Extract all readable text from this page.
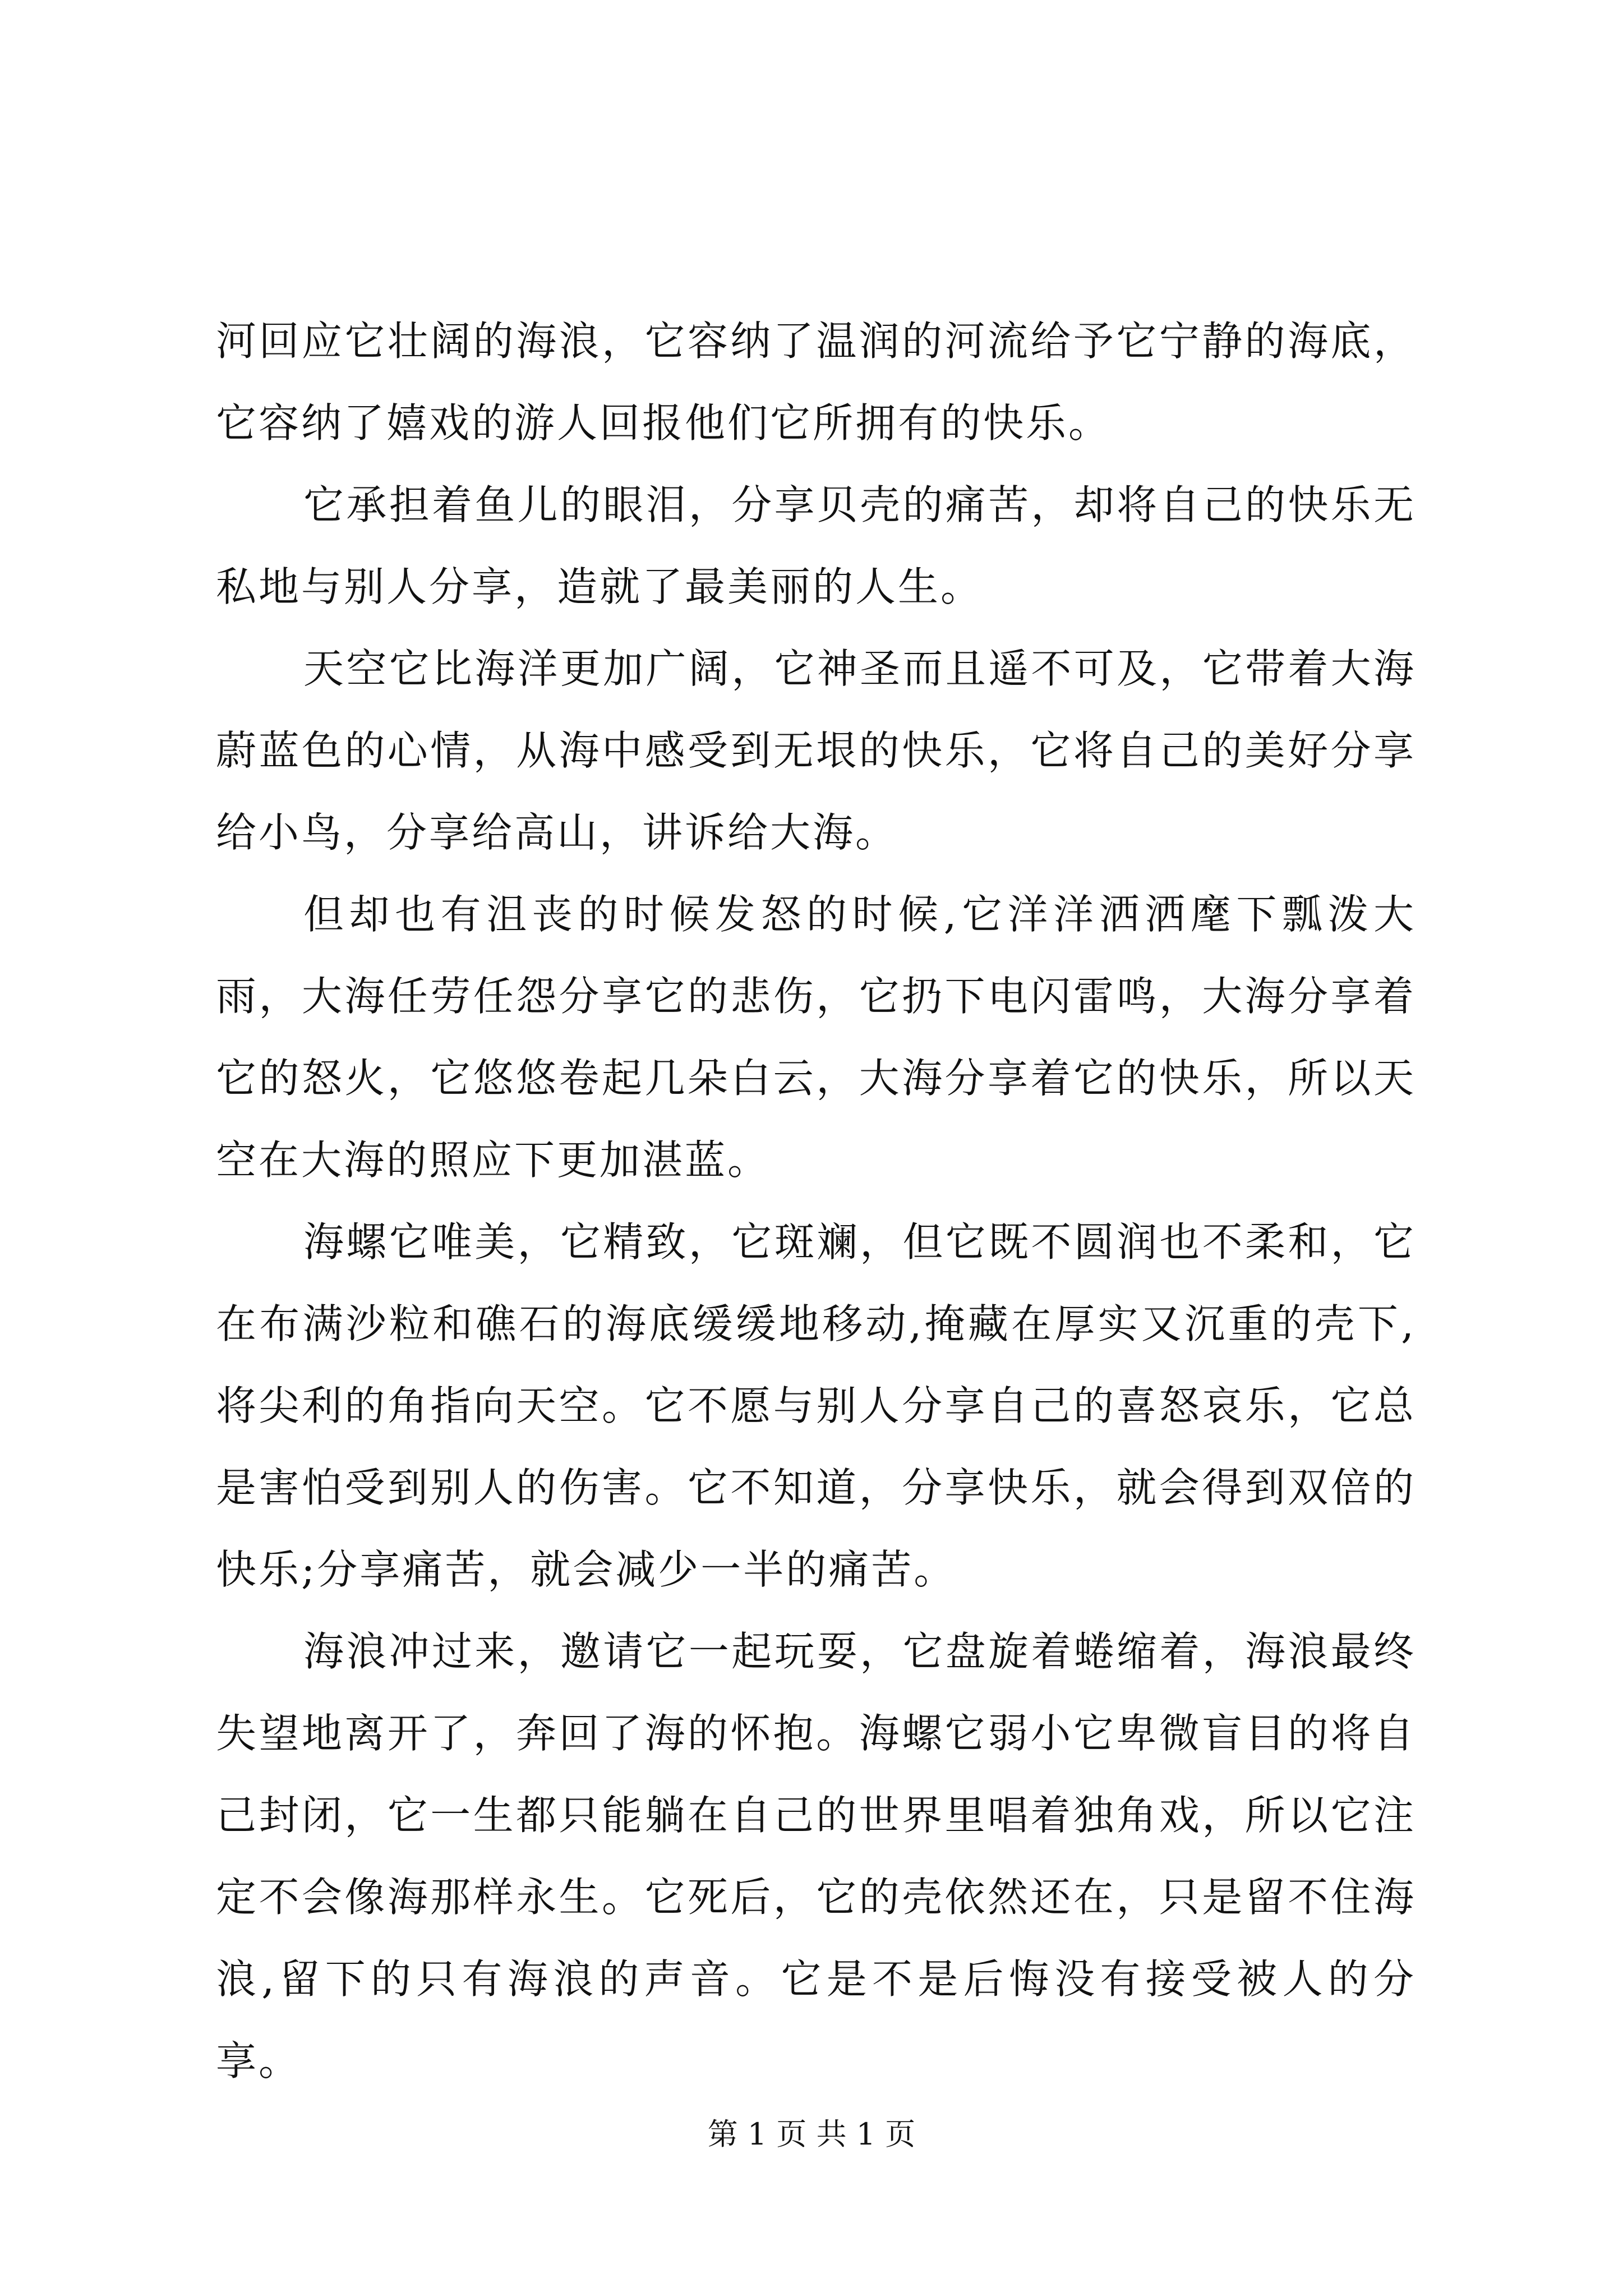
河回应它壮阔的海浪，它容纳了温润的河流给予它宁静的海底，它容纳了嬉戏的游人回报他们它所拥有的快乐。

它承担着鱼儿的眼泪，分享贝壳的痛苦，却将自己的快乐无私地与别人分享，造就了最美丽的人生。

天空它比海洋更加广阔，它神圣而且遥不可及，它带着大海蔚蓝色的心情，从海中感受到无垠的快乐，它将自己的美好分享给小鸟，分享给高山，讲诉给大海。

但却也有沮丧的时候发怒的时候,它洋洋洒洒麾下瓢泼大雨，大海任劳任怨分享它的悲伤，它扔下电闪雷鸣，大海分享着它的怒火，它悠悠卷起几朵白云，大海分享着它的快乐，所以天空在大海的照应下更加湛蓝。

海螺它唯美，它精致，它斑斓，但它既不圆润也不柔和，它在布满沙粒和礁石的海底缓缓地移动,掩藏在厚实又沉重的壳下,将尖利的角指向天空。它不愿与别人分享自己的喜怒哀乐，它总是害怕受到别人的伤害。它不知道，分享快乐，就会得到双倍的快乐;分享痛苦，就会减少一半的痛苦。

海浪冲过来，邀请它一起玩耍，它盘旋着蜷缩着，海浪最终失望地离开了，奔回了海的怀抱。海螺它弱小它卑微盲目的将自己封闭，它一生都只能躺在自己的世界里唱着独角戏，所以它注定不会像海那样永生。它死后，它的壳依然还在，只是留不住海浪,留下的只有海浪的声音。它是不是后悔没有接受被人的分享。

第 1 页 共 1 页
